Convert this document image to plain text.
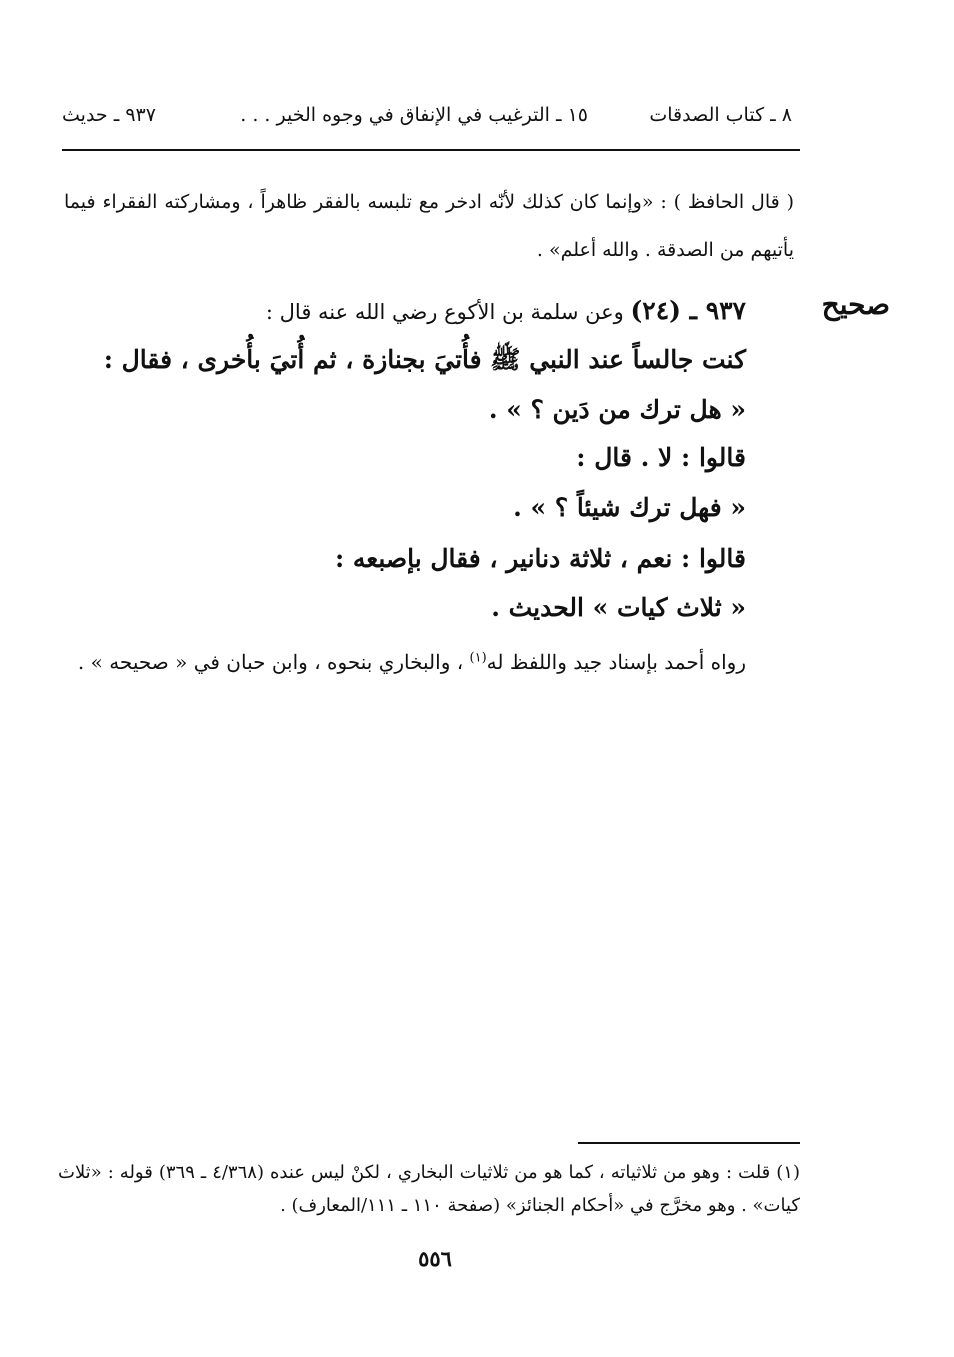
٨ ـ كتاب الصدقات
١٥ ـ الترغيب في الإنفاق في وجوه الخير . . .
٩٣٧ ـ حديث
( قال الحافظ ) : «وإنما كان كذلك لأنّه ادخر مع تلبسه بالفقر ظاهراً ، ومشاركته الفقراء فيما يأتيهم من الصدقة . والله أعلم» .
صحيح
٩٣٧ ـ (٢٤) وعن سلمة بن الأكوع رضي الله عنه قال :
كنت جالساً عند النبي ﷺ فأُتيَ بجنازة ، ثم أُتيَ بأُخرى ، فقال :
« هل ترك من دَين ؟ » .
قالوا : لا . قال :
« فهل ترك شيئاً ؟ » .
قالوا : نعم ، ثلاثة دنانير ، فقال بإصبعه :
« ثلاث كيات » الحديث .
رواه أحمد بإسناد جيد واللفظ له$^{(١)}$ ، والبخاري بنحوه ، وابن حبان في « صحيحه » .
(١) قلت : وهو من ثلاثياته ، كما هو من ثلاثيات البخاري ، لكنْ ليس عنده (٤/٣٦٨ ـ ٣٦٩) قوله : «ثلاث كيات» . وهو مخرَّج في «أحكام الجنائز» (صفحة ١١٠ ـ ١١١/المعارف) .
٥٥٦
